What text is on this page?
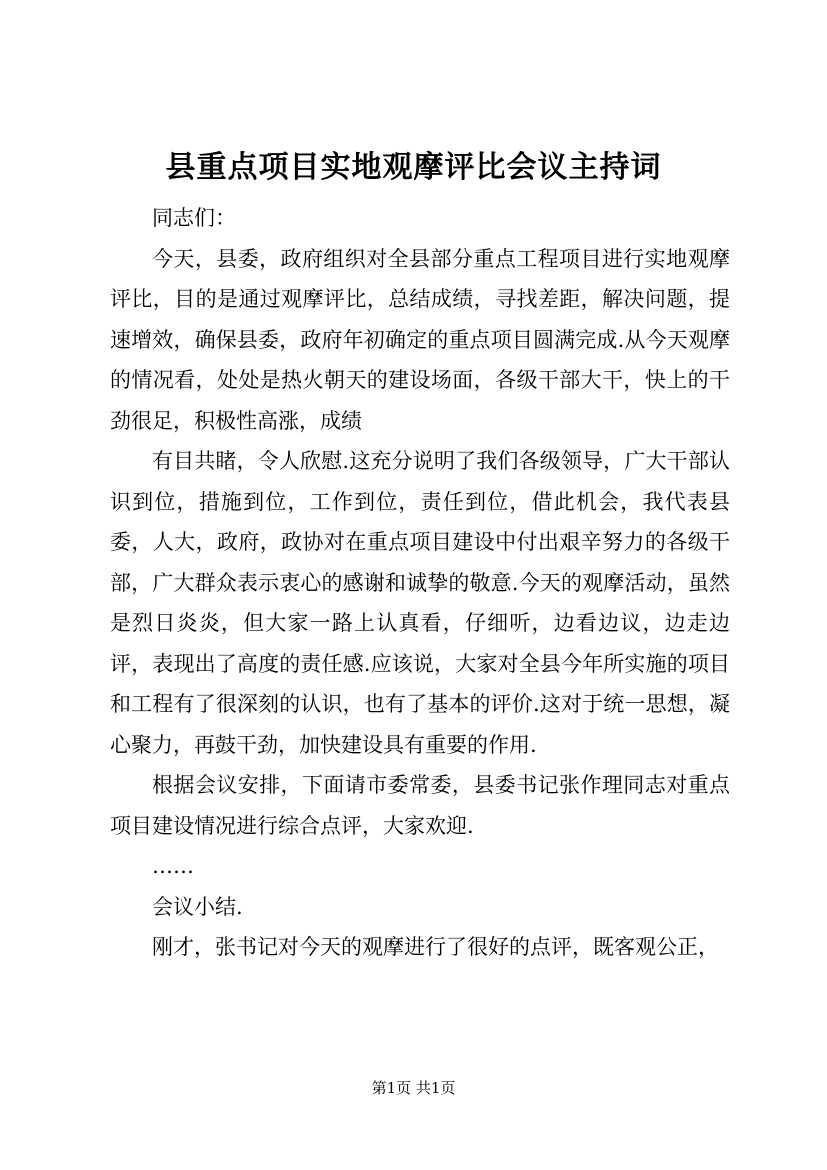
县重点项目实地观摩评比会议主持词

同志们：

今天，县委，政府组织对全县部分重点工程项目进行实地观摩评比，目的是通过观摩评比，总结成绩，寻找差距，解决问题，提速增效，确保县委，政府年初确定的重点项目圆满完成.从今天观摩的情况看，处处是热火朝天的建设场面，各级干部大干，快上的干劲很足，积极性高涨，成绩

有目共睹，令人欣慰.这充分说明了我们各级领导，广大干部认识到位，措施到位，工作到位，责任到位，借此机会，我代表县委，人大，政府，政协对在重点项目建设中付出艰辛努力的各级干部，广大群众表示衷心的感谢和诚挚的敬意.今天的观摩活动，虽然是烈日炎炎，但大家一路上认真看，仔细听，边看边议，边走边评，表现出了高度的责任感.应该说，大家对全县今年所实施的项目和工程有了很深刻的认识，也有了基本的评价.这对于统一思想，凝心聚力，再鼓干劲，加快建设具有重要的作用.

根据会议安排，下面请市委常委，县委书记张作理同志对重点项目建设情况进行综合点评，大家欢迎.

……

会议小结.

刚才，张书记对今天的观摩进行了很好的点评，既客观公正，

第1页 共1页
